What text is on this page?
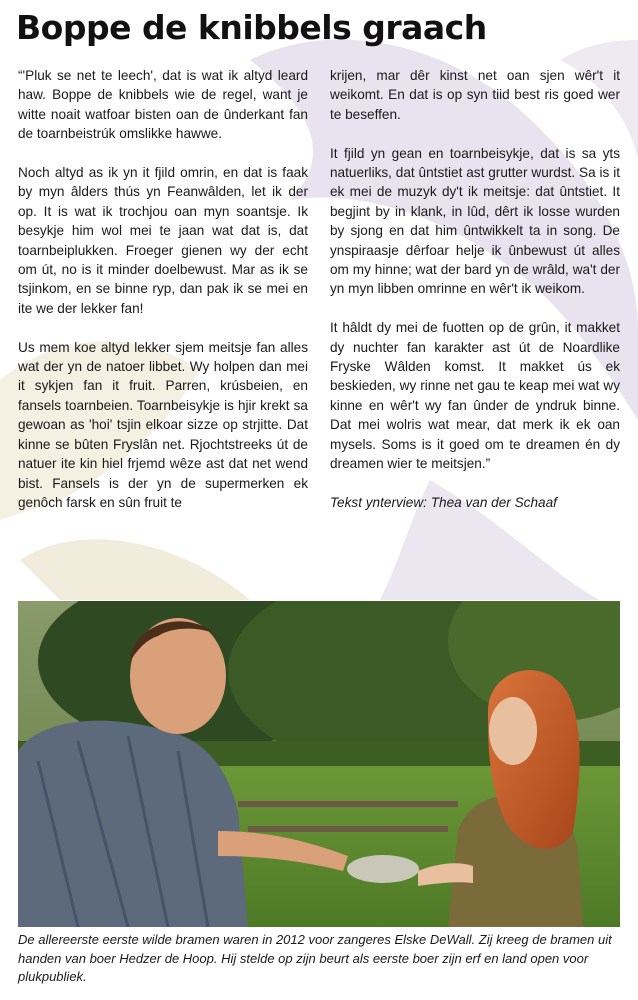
Boppe de knibbels graach

“'Pluk se net te leech', dat is wat ik altyd leard haw. Boppe de knibbels wie de regel, want je witte noait watfoar bisten oan de ûnderkant fan de toarnbeistrúk omslikke hawwe.

Noch altyd as ik yn it fjild omrin, en dat is faak by myn âlders thús yn Feanwâlden, let ik der op. It is wat ik trochjou oan myn soantsje. Ik besykje him wol mei te jaan wat dat is, dat toarnbeiplukken. Froeger gienen wy der echt om út, no is it minder doelbewust. Mar as ik se tsjinkom, en se binne ryp, dan pak ik se mei en ite we der lekker fan!

Us mem koe altyd lekker sjem meitsje fan alles wat der yn de natoer libbet. Wy holpen dan mei it sykjen fan it fruit. Parren, krúsbeien, en fansels toarnbeien. Toarnbeisykje is hjir krekt sa gewoan as 'hoi' tsjin elkoar sizze op strjitte. Dat kinne se bûten Fryslân net. Rjochtstreeks út de natuer ite kin hiel frjemd wêze ast dat net wend bist. Fansels is der yn de supermerken ek genôch farsk en sûn fruit te

krijen, mar dêr kinst net oan sjen wêr't it weikomt. En dat is op syn tiid best ris goed wer te beseffen.

It fjild yn gean en toarnbeisykje, dat is sa yts natuerliks, dat ûntstiet ast grutter wurdst. Sa is it ek mei de muzyk dy't ik meitsje: dat ûntstiet. It begjint by in klank, in lûd, dêrt ik losse wurden by sjong en dat him ûntwikkelt ta in song. De ynspiraasje dêrfoar helje ik ûnbewust út alles om my hinne; wat der bard yn de wrâld, wa't der yn myn libben omrinne en wêr't ik weikom.

It hâldt dy mei de fuotten op de grûn, it makket dy nuchter fan karakter ast út de Noardlike Fryske Wâlden komst. It makket ús ek beskieden, wy rinne net gau te keap mei wat wy kinne en wêr't wy fan ûnder de yndruk binne. Dat mei wolris wat mear, dat merk ik ek oan mysels. Soms is it goed om te dreamen én dy dreamen wier te meitsjen.”

Tekst ynterview: Thea van der Schaaf

De allereerste eerste wilde bramen waren in 2012 voor zangeres Elske DeWall. Zij kreeg de bramen uit handen van boer Hedzer de Hoop. Hij stelde op zijn beurt als eerste boer zijn erf en land open voor plukpubliek.
